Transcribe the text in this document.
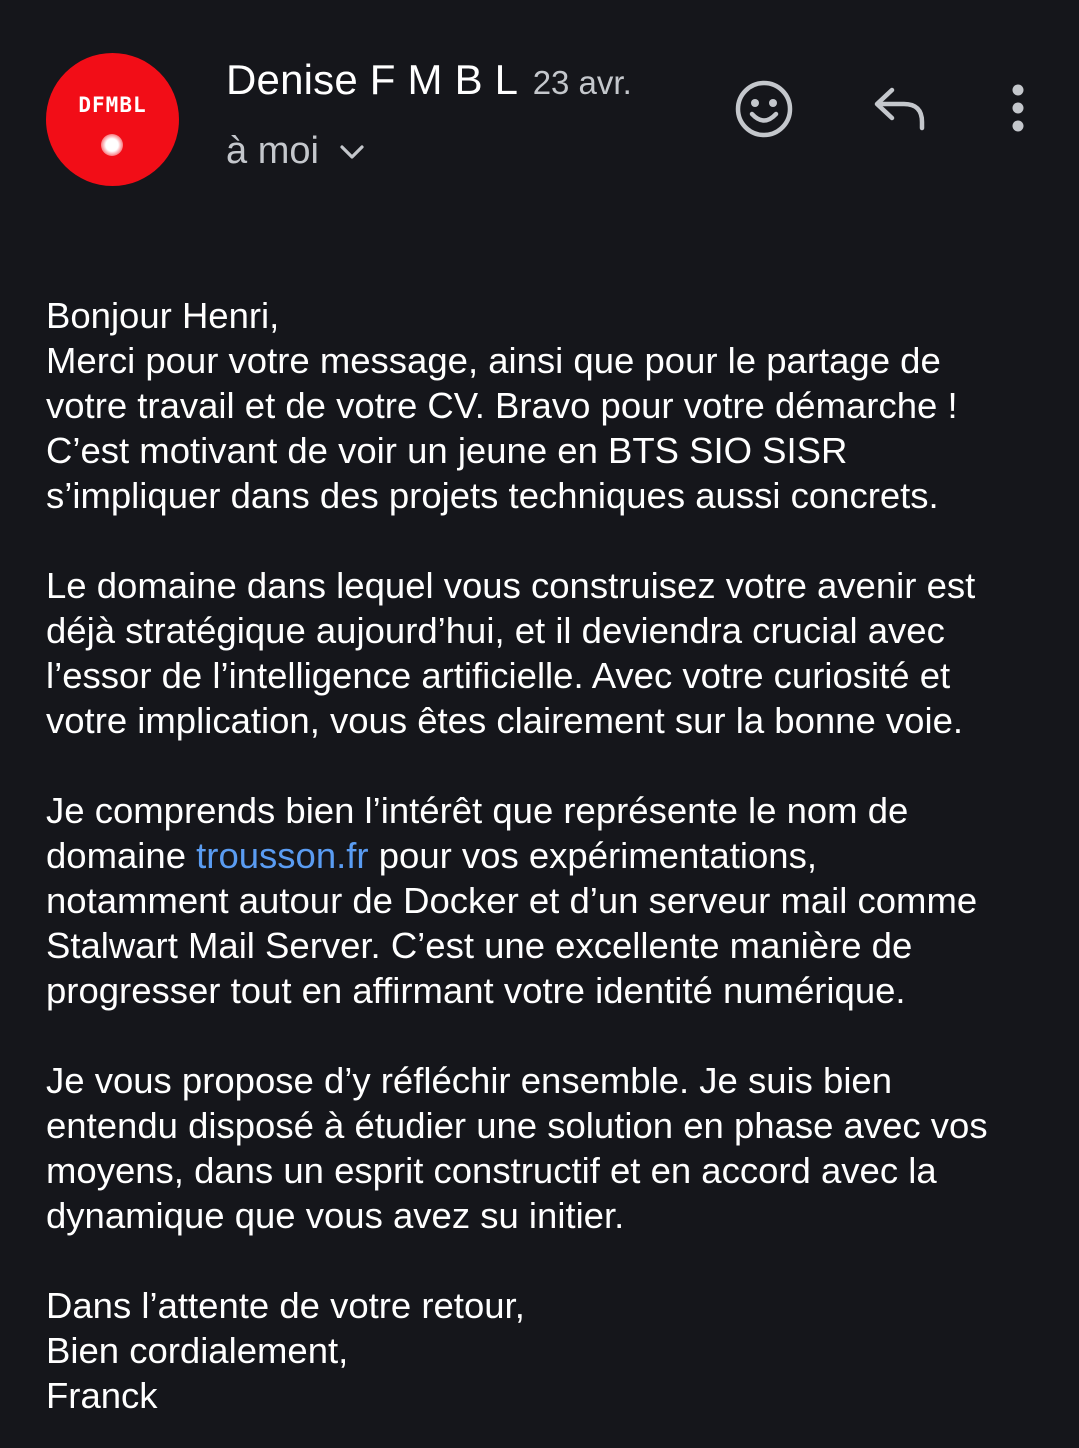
DFMBL
Denise F M B L 23 avr.
à moi

Bonjour Henri,
Merci pour votre message, ainsi que pour le partage de
votre travail et de votre CV. Bravo pour votre démarche !
C’est motivant de voir un jeune en BTS SIO SISR
s’impliquer dans des projets techniques aussi concrets.

Le domaine dans lequel vous construisez votre avenir est
déjà stratégique aujourd’hui, et il deviendra crucial avec
l’essor de l’intelligence artificielle. Avec votre curiosité et
votre implication, vous êtes clairement sur la bonne voie.

Je comprends bien l’intérêt que représente le nom de
domaine trousson.fr pour vos expérimentations,
notamment autour de Docker et d’un serveur mail comme
Stalwart Mail Server. C’est une excellente manière de
progresser tout en affirmant votre identité numérique.

Je vous propose d’y réfléchir ensemble. Je suis bien
entendu disposé à étudier une solution en phase avec vos
moyens, dans un esprit constructif et en accord avec la
dynamique que vous avez su initier.

Dans l’attente de votre retour,
Bien cordialement,
Franck
